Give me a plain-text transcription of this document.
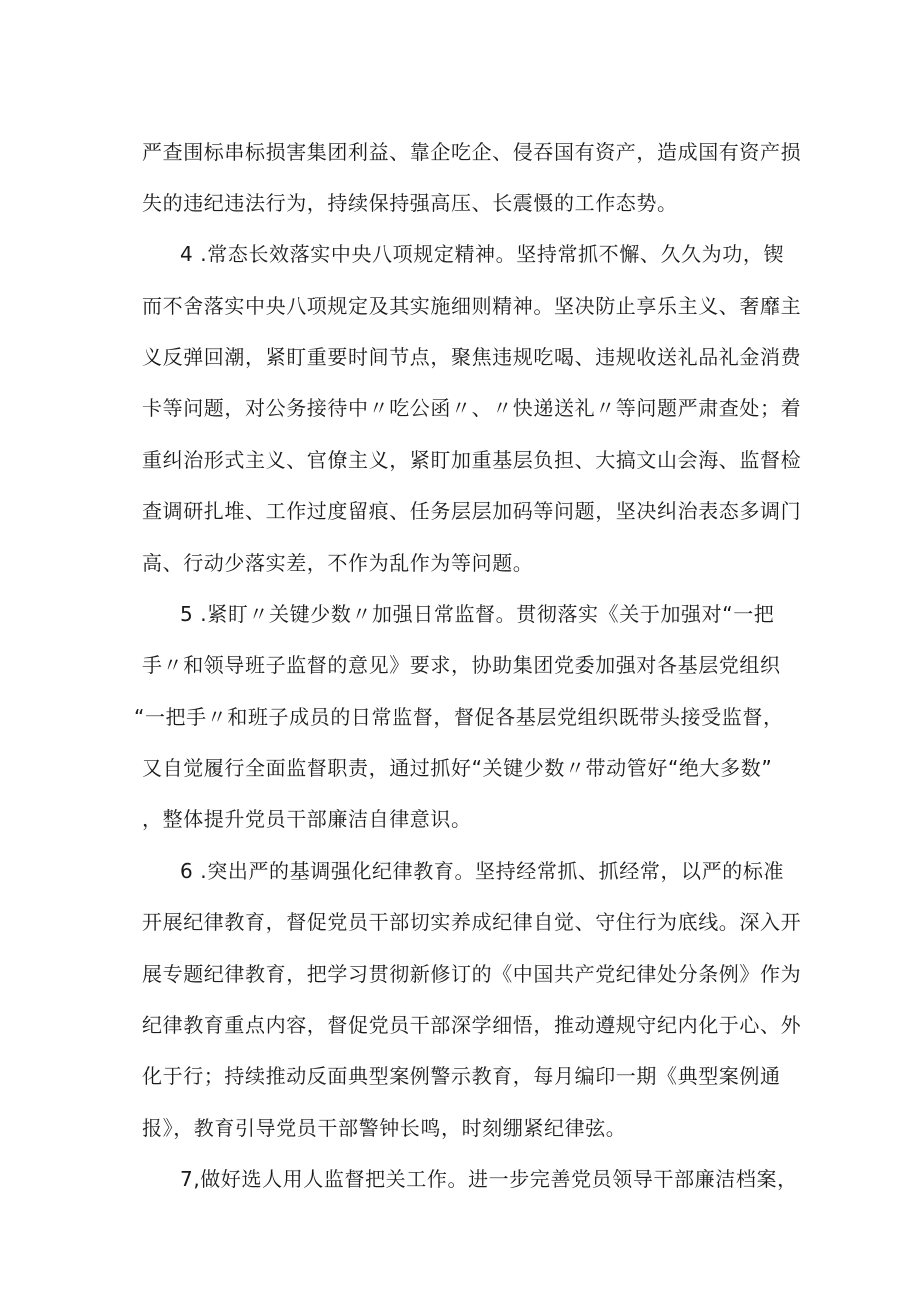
严查围标串标损害集团利益、靠企吃企、侵吞国有资产，造成国有资产损
失的违纪违法行为，持续保持强高压、长震慑的工作态势。
4 .常态长效落实中央八项规定精神。坚持常抓不懈、久久为功，锲
而不舍落实中央八项规定及其实施细则精神。坚决防止享乐主义、奢靡主
义反弹回潮，紧盯重要时间节点，聚焦违规吃喝、违规收送礼品礼金消费
卡等问题，对公务接待中〃吃公函〃、〃快递送礼〃等问题严肃查处；着
重纠治形式主义、官僚主义，紧盯加重基层负担、大搞文山会海、监督检
查调研扎堆、工作过度留痕、任务层层加码等问题，坚决纠治表态多调门
高、行动少落实差，不作为乱作为等问题。
5 .紧盯〃关键少数〃加强日常监督。贯彻落实《关于加强对“一把
手〃和领导班子监督的意见》要求，协助集团党委加强对各基层党组织
“一把手〃和班子成员的日常监督，督促各基层党组织既带头接受监督，
又自觉履行全面监督职责，通过抓好“关键少数〃带动管好“绝大多数”
，整体提升党员干部廉洁自律意识。
6 .突出严的基调强化纪律教育。坚持经常抓、抓经常，以严的标准
开展纪律教育，督促党员干部切实养成纪律自觉、守住行为底线。深入开
展专题纪律教育，把学习贯彻新修订的《中国共产党纪律处分条例》作为
纪律教育重点内容，督促党员干部深学细悟，推动遵规守纪内化于心、外
化于行；持续推动反面典型案例警示教育，每月编印一期《典型案例通
报》，教育引导党员干部警钟长鸣，时刻绷紧纪律弦。
7,做好选人用人监督把关工作。进一步完善党员领导干部廉洁档案，
